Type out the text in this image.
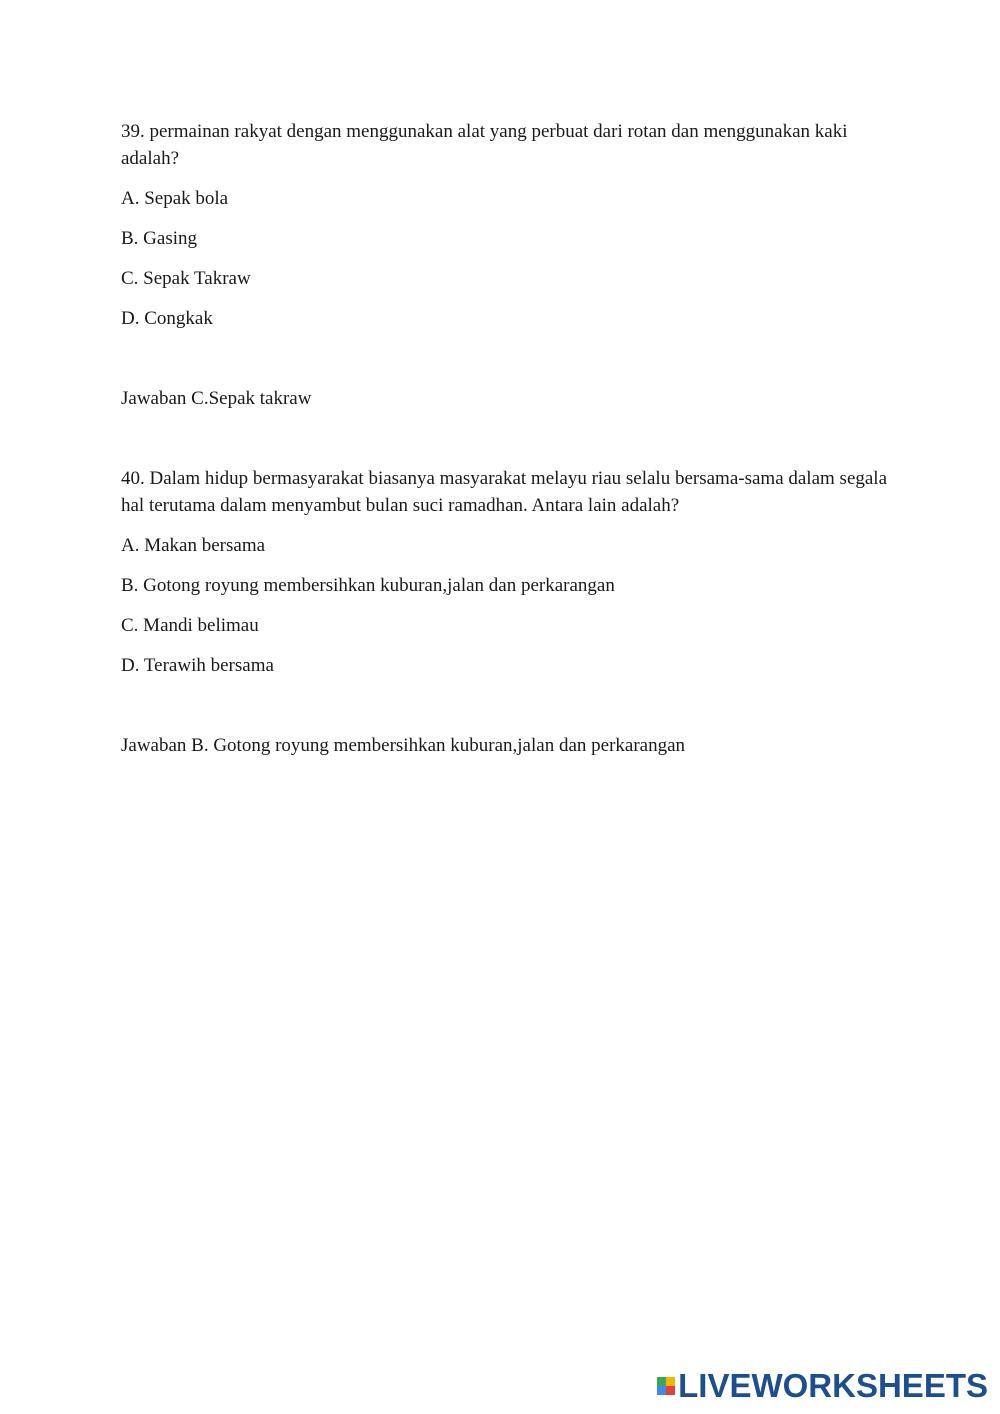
39. permainan rakyat dengan menggunakan alat yang perbuat dari rotan dan menggunakan kaki adalah?

A. Sepak bola

B. Gasing

C. Sepak Takraw

D. Congkak

Jawaban C.Sepak takraw

40. Dalam hidup bermasyarakat biasanya masyarakat melayu riau selalu bersama-sama dalam segala hal terutama dalam menyambut bulan suci ramadhan. Antara lain adalah?

A. Makan bersama

B. Gotong royung membersihkan kuburan,jalan dan perkarangan

C. Mandi belimau

D. Terawih bersama

Jawaban B. Gotong royung membersihkan kuburan,jalan dan perkarangan

LIVEWORKSHEETS
